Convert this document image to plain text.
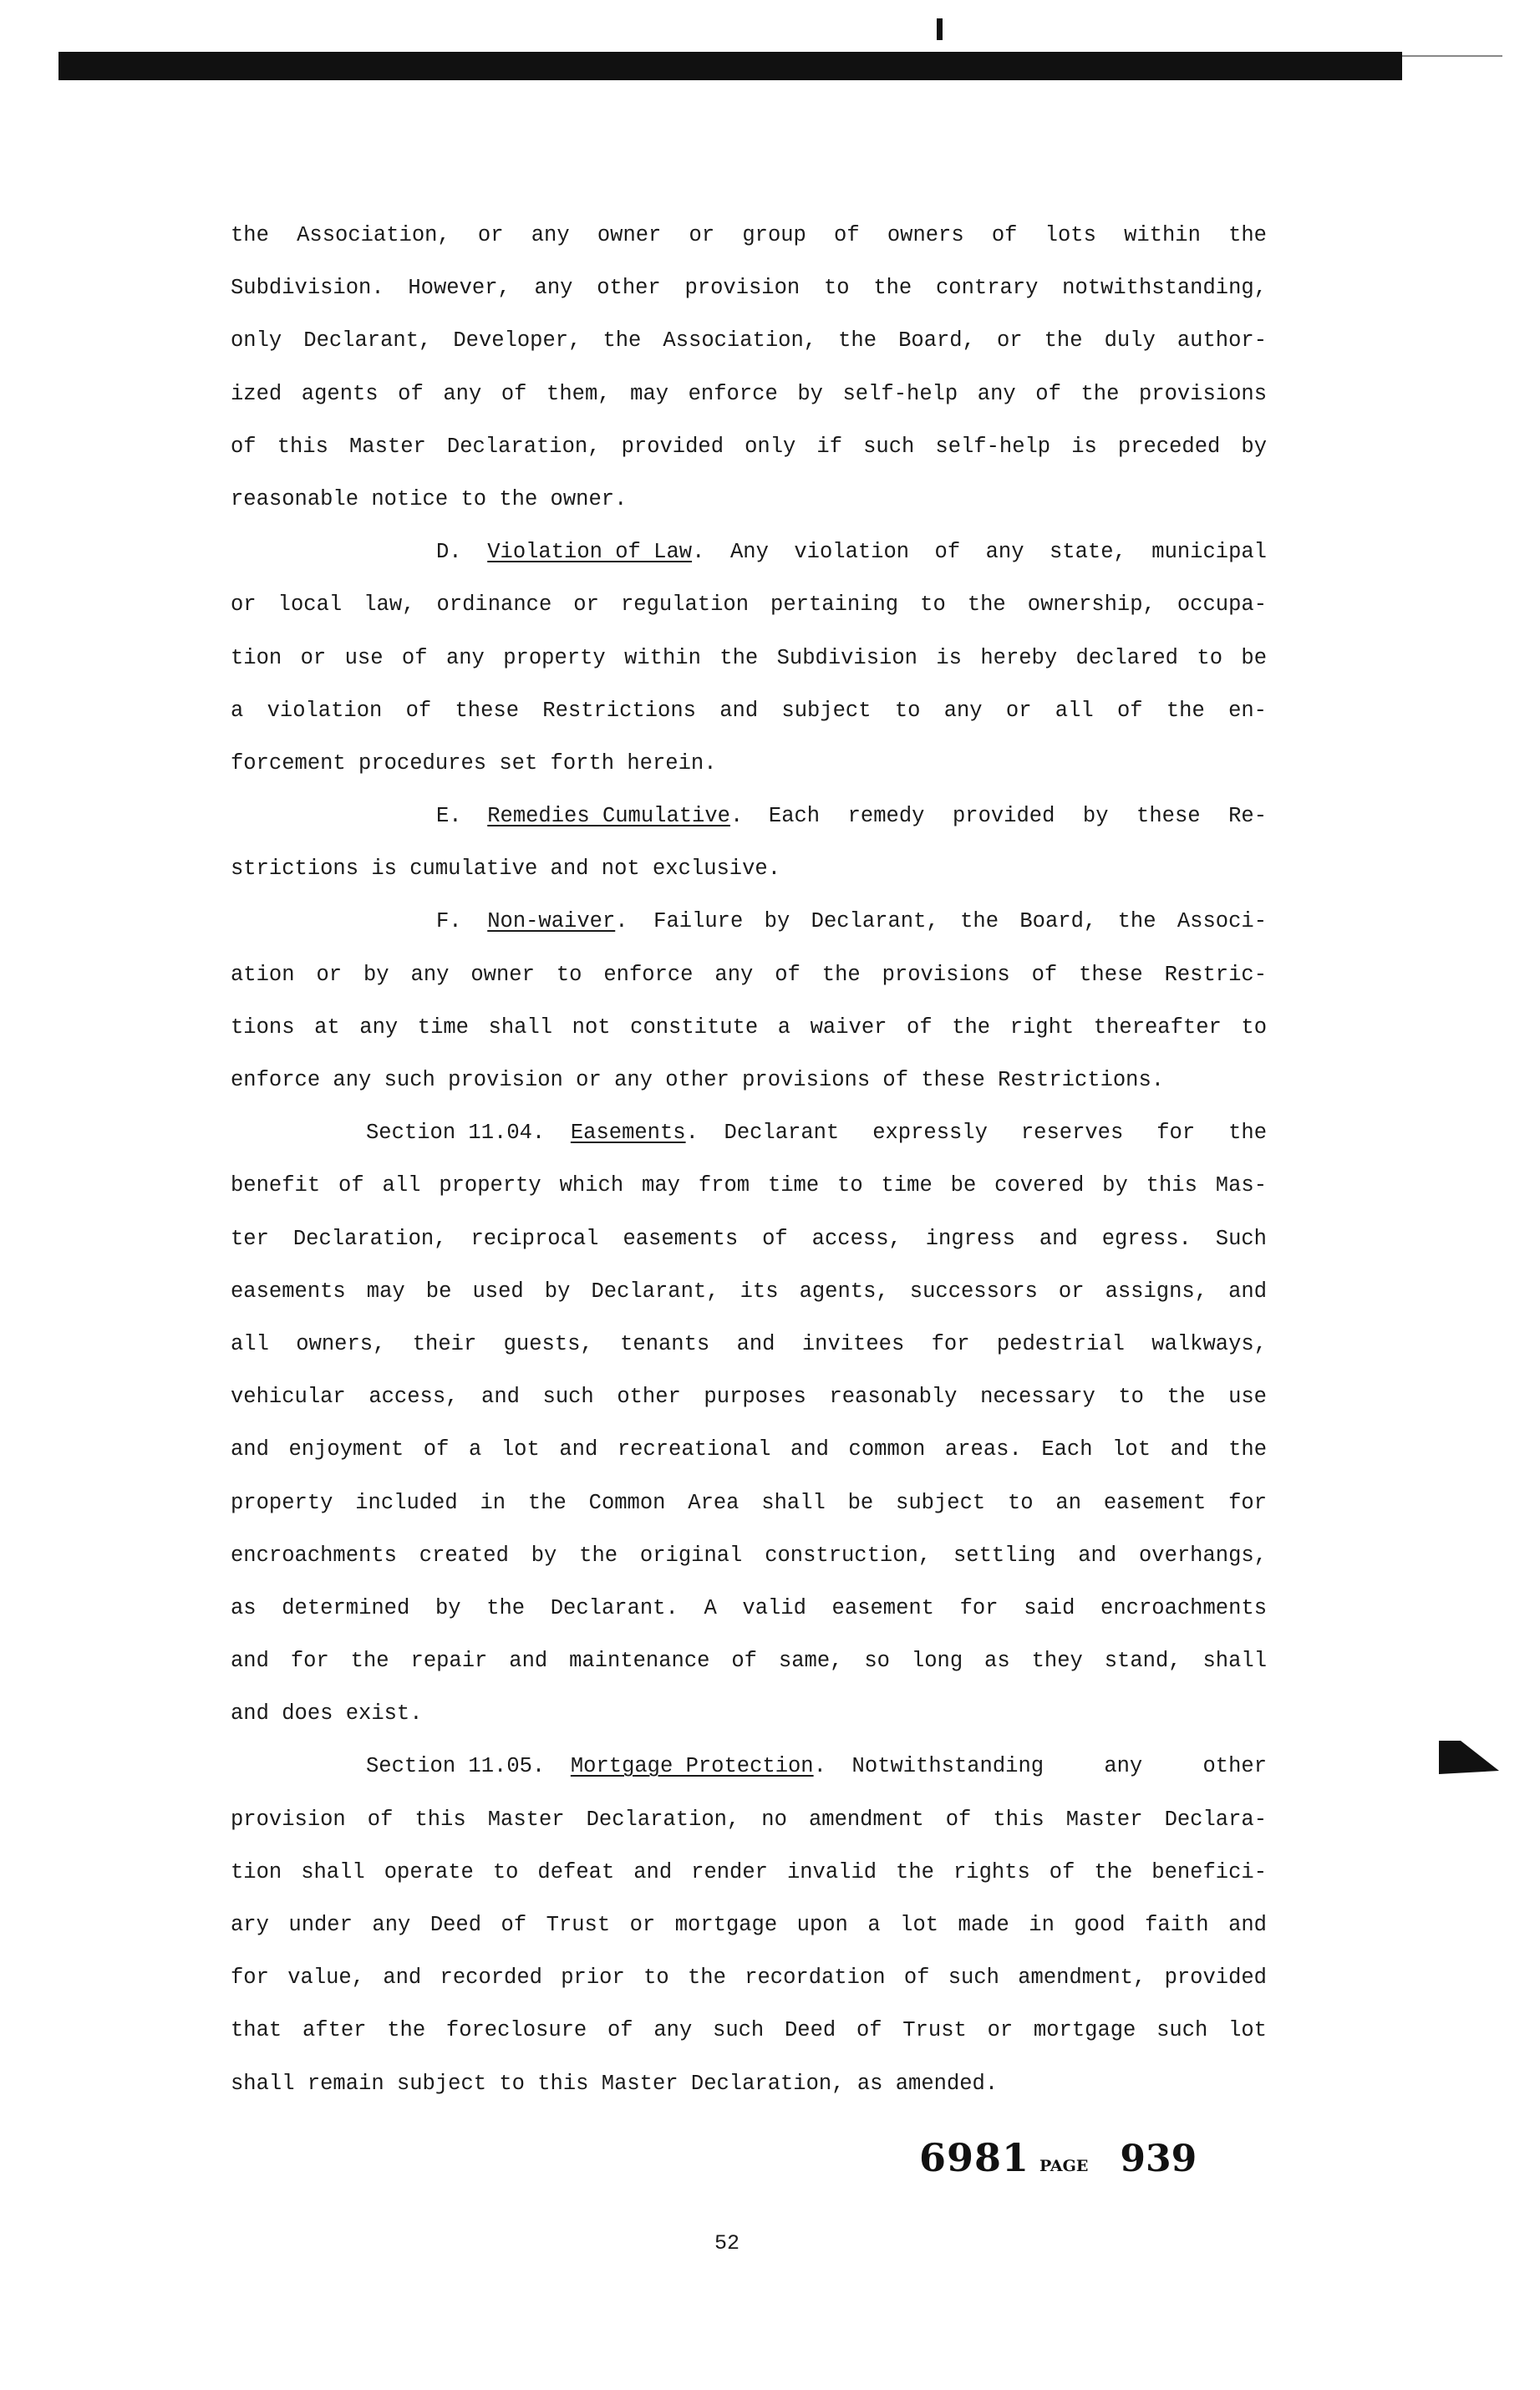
the Association, or any owner or group of owners of lots within the
Subdivision. However, any other provision to the contrary notwithstanding,
only Declarant, Developer, the Association, the Board, or the duly author-
ized agents of any of them, may enforce by self-help any of the provisions
of this Master Declaration, provided only if such self-help is preceded by
reasonable notice to the owner.
D.
Violation of Law . Any violation of any state, municipal
or local law, ordinance or regulation pertaining to the ownership, occupa-
tion or use of any property within the Subdivision is hereby declared to be
a violation of these Restrictions and subject to any or all of the en-
forcement procedures set forth herein.
E.
Remedies Cumulative . Each remedy provided by these Re-
strictions is cumulative and not exclusive.
F.
Non-waiver . Failure by Declarant, the Board, the Associ-
ation or by any owner to enforce any of the provisions of these Restric-
tions at any time shall not constitute a waiver of the right thereafter to
enforce any such provision or any other provisions of these Restrictions.
Section 11.04.
Easements . Declarant expressly reserves for the
benefit of all property which may from time to time be covered by this Mas-
ter Declaration, reciprocal easements of access, ingress and egress. Such
easements may be used by Declarant, its agents, successors or assigns, and
all owners, their guests, tenants and invitees for pedestrial walkways,
vehicular access, and such other purposes reasonably necessary to the use
and enjoyment of a lot and recreational and common areas. Each lot and the
property included in the Common Area shall be subject to an easement for
encroachments created by the original construction, settling and overhangs,
as determined by the Declarant. A valid easement for said encroachments
and for the repair and maintenance of same, so long as they stand, shall
and does exist.
Section 11.05.
Mortgage Protection . Notwithstanding any other
provision of this Master Declaration, no amendment of this Master Declara-
tion shall operate to defeat and render invalid the rights of the benefici-
ary under any Deed of Trust or mortgage upon a lot made in good faith and
for value, and recorded prior to the recordation of such amendment, provided
that after the foreclosure of any such Deed of Trust or mortgage such lot
shall remain subject to this Master Declaration, as amended.
6981 PAGE 939
52
